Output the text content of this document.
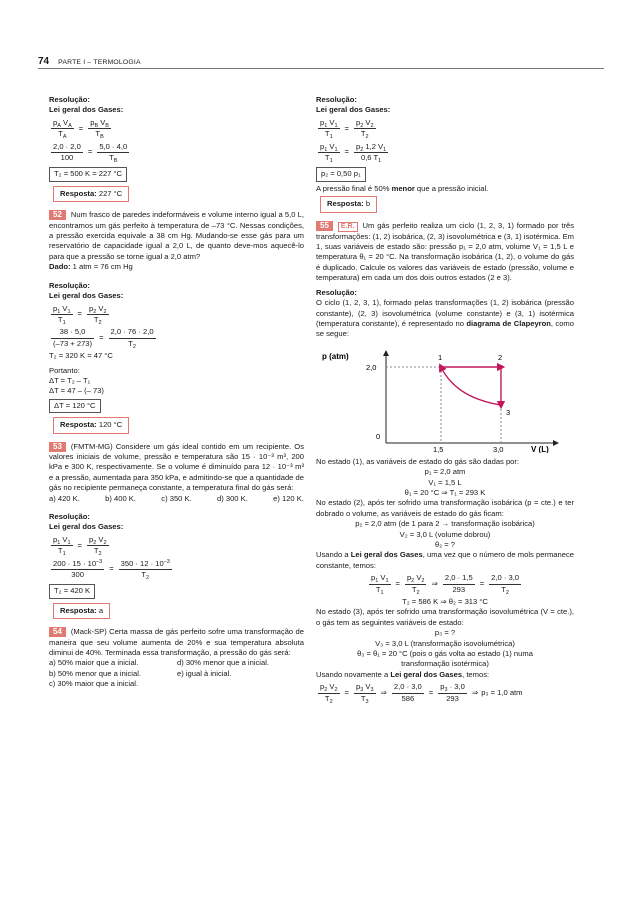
74 PARTE I – TERMOLOGIA

Resolução:

Lei geral dos Gases:

$\frac{p_A V_A}{T_A} = \frac{p_B V_B}{T_B}$
$\frac{2,0 \cdot 2,0}{100} = \frac{5,0 \cdot 4,0}{T_B}$
T₂ = 500 K = 227 °C
Resposta: 227 °C

52 Num frasco de paredes indeformáveis e volume interno igual a 5,0 L, encontramos um gás perfeito à temperatura de –73 °C. Nessas condições, a pressão exercida equivale a 38 cm Hg. Mudando-se esse gás para um reservatório de capacidade igual a 2,0 L, de quanto deve-mos aquecê-lo para que a pressão se torne igual a 2,0 atm?

Dado: 1 atm = 76 cm Hg

Resolução:

Lei geral dos Gases:

$\frac{p_1 V_1}{T_1} = \frac{p_2 V_2}{T_2}$
$\frac{38 \cdot 5,0}{(-73 + 273)} = \frac{2,0 \cdot 76 \cdot 2,0}{T_2}$

T₂ = 320 K = 47 °C

Portanto:

ΔT = T₂ – T₁

ΔT = 47 – (– 73)

ΔT = 120 °C
Resposta: 120 °C

53 (FMTM-MG) Considere um gás ideal contido em um recipiente. Os valores iniciais de volume, pressão e temperatura são 15 · 10⁻³ m³, 200 kPa e 300 K, respectivamente. Se o volume é diminuído para 12 · 10⁻³ m³ e a pressão, aumentada para 350 kPa, e admitindo-se que a quantidade de gás no recipiente permaneça constante, a temperatura final do gás será:

a) 420 K.	b) 400 K.	c) 350 K.	d) 300 K.	e) 120 K.

Resolução:

Lei geral dos Gases:

$\frac{p_1 V_1}{T_1} = \frac{p_2 V_2}{T_2}$
$\frac{200 \cdot 15 \cdot 10^{-3}}{300} = \frac{350 \cdot 12 \cdot 10^{-3}}{T_2}$
T₂ = 420 K
Resposta: a

54 (Mack-SP) Certa massa de gás perfeito sofre uma transformação de maneira que seu volume aumenta de 20% e sua temperatura absoluta diminui de 40%. Terminada essa transformação, a pressão do gás será:

a) 50% maior que a inicial.	d) 30% menor que a inicial.
b) 50% menor que a inicial.	e) igual à inicial.
c) 30% maior que a inicial.

Resolução:

Lei geral dos Gases:

$\frac{p_1 V_1}{T_1} = \frac{p_2 V_2}{T_2}$
$\frac{p_1 V_1}{T_1} = \frac{p_2 1,2 V_1}{0,6 T_1}$
p₂ = 0,50 p₁

A pressão final é 50% menor que a pressão inicial.

Resposta: b

55 E.R. Um gás perfeito realiza um ciclo (1, 2, 3, 1) formado por três transformações: (1, 2) isobárica, (2, 3) isovolumétrica e (3, 1) isotérmica. Em 1, suas variáveis de estado são: pressão p₁ = 2,0 atm, volume V₁ = 1,5 L e temperatura θ₁ = 20 °C. Na transformação isobárica (1, 2), o volume do gás é duplicado. Calcule os valores das variáveis de estado (pressão, volume e temperatura) em cada um dos dois outros estados (2 e 3).

Resolução:

O ciclo (1, 2, 3, 1), formado pelas transformações (1, 2) isobárica (pressão constante), (2, 3) isovolumétrica (volume constante) e (3, 1) isotérmica (temperatura constante), é representado no diagrama de Clapeyron, como se segue:

p (atm)
2,0
0
1,5	3,0	V (L)
1	2
3

No estado (1), as variáveis de estado do gás são dadas por:

p₁ = 2,0 atm

V₁ = 1,5 L

θ₁ = 20 °C ⇒ T₁ = 293 K

No estado (2), após ter sofrido uma transformação isobárica (p = cte.) e ter dobrado o volume, as variáveis de estado do gás ficam:

p₂ = 2,0 atm (de 1 para 2 → transformação isobárica)

V₂ = 3,0 L (volume dobrou)

θ₂ = ?

Usando a Lei geral dos Gases, uma vez que o número de mols permanece constante, temos:

$\frac{p_1 V_1}{T_1} = \frac{p_2 V_2}{T_2}$ ⇒ $\frac{2,0 \cdot 1,5}{293} = \frac{2,0 \cdot 3,0}{T_2}$

T₂ = 586 K ⇒ θ₂ = 313 °C

No estado (3), após ter sofrido uma transformação isovolumétrica (V = cte.), o gás tem as seguintes variáveis de estado:

p₃ = ?

V₃ = 3,0 L (transformação isovolumétrica)

θ₃ = θ₁ = 20 °C (pois o gás volta ao estado (1) numa

transformação isotérmica)

Usando novamente a Lei geral dos Gases, temos:

$\frac{p_2 V_2}{T_2} = \frac{p_3 V_3}{T_3}$ ⇒ $\frac{2,0 \cdot 3,0}{586} = \frac{p_3 \cdot 3,0}{293}$ ⇒ p₃ = 1,0 atm
